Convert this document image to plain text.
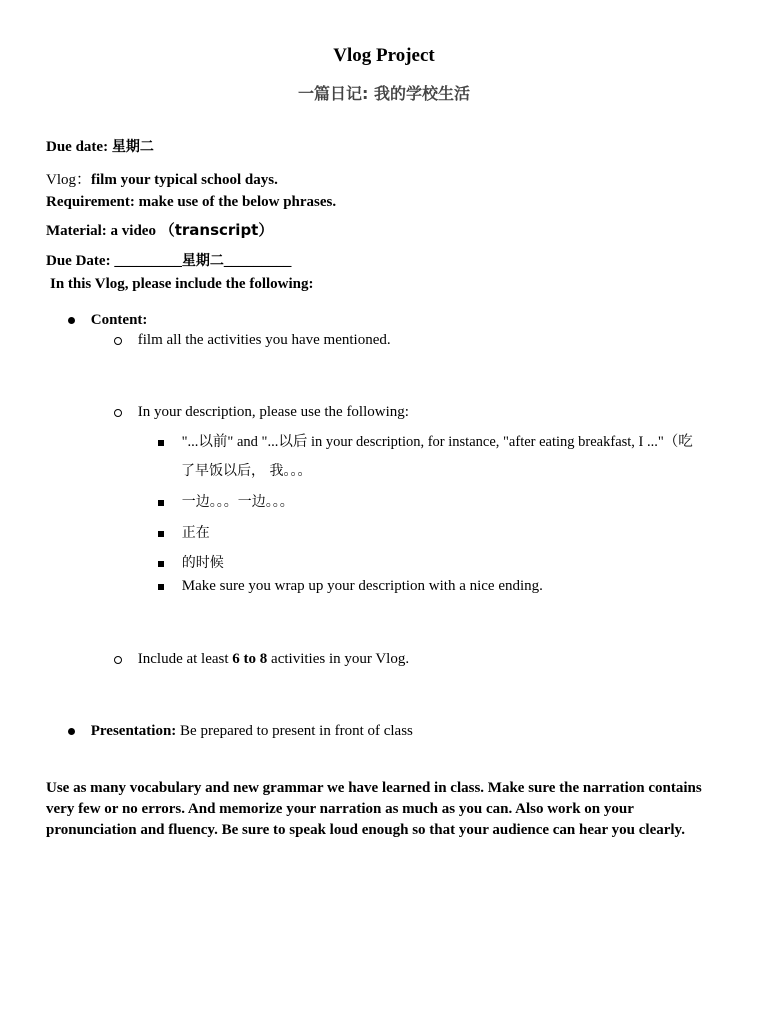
Vlog Project
一篇日记: 我的学校生活
Due date: 星期二
Vlog：film your typical school days.
Requirement: make use of the below phrases.
Material: a video （transcript）
Due Date: _________星期二_________
In this Vlog, please include the following:
Content:
film all the activities you have mentioned.
In your description, please use the following:
"...以前" and "...以后 in your description, for instance, "after eating breakfast, I ..."（吃
了早饭以后， 我。。。
一边。。。一边。。。
正在
的时候
Make sure you wrap up your description with a nice ending.
Include at least 6 to 8 activities in your Vlog.
Presentation: Be prepared to present in front of class
Use as many vocabulary and new grammar we have learned in class. Make sure the narration contains very few or no errors. And memorize your narration as much as you can. Also work on your pronunciation and fluency. Be sure to speak loud enough so that your audience can hear you clearly.
